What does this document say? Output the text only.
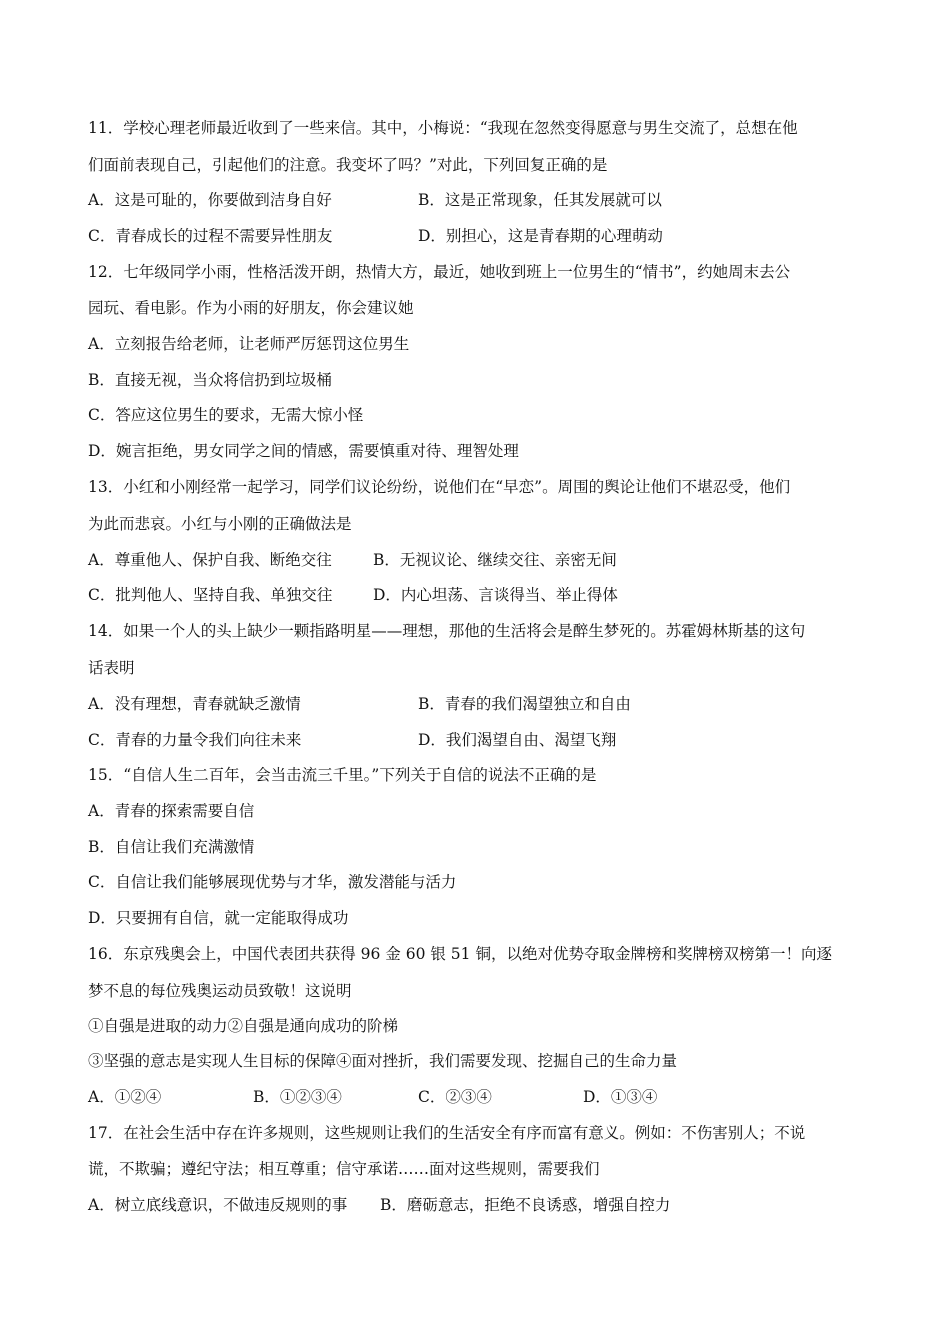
11．学校心理老师最近收到了一些来信。其中，小梅说：“我现在忽然变得愿意与男生交流了，总想在他
们面前表现自己，引起他们的注意。我变坏了吗？”对此，下列回复正确的是
A．这是可耻的，你要做到洁身自好	B．这是正常现象，任其发展就可以
C．青春成长的过程不需要异性朋友	D．别担心，这是青春期的心理萌动
12．七年级同学小雨，性格活泼开朗，热情大方，最近，她收到班上一位男生的“情书”，约她周末去公
园玩、看电影。作为小雨的好朋友，你会建议她
A．立刻报告给老师，让老师严厉惩罚这位男生
B．直接无视，当众将信扔到垃圾桶
C．答应这位男生的要求，无需大惊小怪
D．婉言拒绝，男女同学之间的情感，需要慎重对待、理智处理
13．小红和小刚经常一起学习，同学们议论纷纷，说他们在“早恋”。周围的舆论让他们不堪忍受，他们
为此而悲哀。小红与小刚的正确做法是
A．尊重他人、保护自我、断绝交往	B．无视议论、继续交往、亲密无间
C．批判他人、坚持自我、单独交往	D．内心坦荡、言谈得当、举止得体
14．如果一个人的头上缺少一颗指路明星——理想，那他的生活将会是醉生梦死的。苏霍姆林斯基的这句
话表明
A．没有理想，青春就缺乏激情	B．青春的我们渴望独立和自由
C．青春的力量令我们向往未来	D．我们渴望自由、渴望飞翔
15．“自信人生二百年，会当击流三千里。”下列关于自信的说法不正确的是
A．青春的探索需要自信
B．自信让我们充满激情
C．自信让我们能够展现优势与才华，激发潜能与活力
D．只要拥有自信，就一定能取得成功
16．东京残奥会上，中国代表团共获得 96 金 60 银 51 铜，以绝对优势夺取金牌榜和奖牌榜双榜第一！向逐
梦不息的每位残奥运动员致敬！这说明
①自强是进取的动力②自强是通向成功的阶梯
③坚强的意志是实现人生目标的保障④面对挫折，我们需要发现、挖掘自己的生命力量
A．①②④	B．①②③④	C．②③④	D．①③④
17．在社会生活中存在许多规则，这些规则让我们的生活安全有序而富有意义。例如：不伤害别人；不说
谎，不欺骗；遵纪守法；相互尊重；信守承诺……面对这些规则，需要我们
A．树立底线意识，不做违反规则的事 B．磨砺意志，拒绝不良诱惑，增强自控力
